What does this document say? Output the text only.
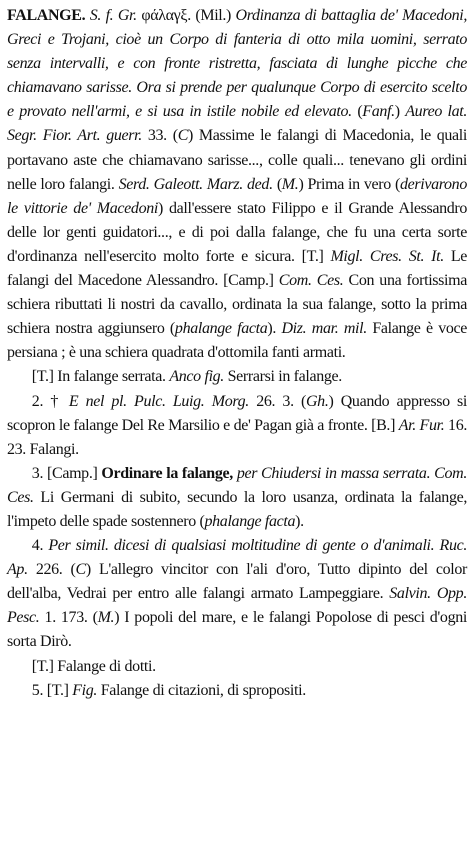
FALANGE. S. f. Gr. φάλαγξ. (Mil.) Ordinanza di battaglia de' Macedoni, Greci e Trojani, cioè un Corpo di fanteria di otto mila uomini, serrato senza intervalli, e con fronte ristretta, fasciata di lunghe picche che chiamavano sarisse. Ora si prende per qualunque Corpo di esercito scelto e provato nell'armi, e si usa in istile nobile ed elevato. (Fanf.) Aureo lat. Segr. Fior. Art. guerr. 33. (C) Massime le falangi di Macedonia, le quali portavano aste che chiamavano sarisse..., colle quali... tenevano gli ordini nelle loro falangi. Serd. Galeott. Marz. ded. (M.) Prima in vero (derivarono le vittorie de' Macedoni) dall'essere stato Filippo e il Grande Alessandro delle lor genti guidatori..., e di poi dalla falange, che fu una certa sorte d'ordinanza nell'esercito molto forte e sicura. [T.] Migl. Cres. St. It. Le falangi del Macedone Alessandro. [Camp.] Com. Ces. Con una fortissima schiera ributtati li nostri da cavallo, ordinata la sua falange, sotto la prima schiera nostra aggiunsero (phalange facta). Diz. mar. mil. Falange è voce persiana ; è una schiera quadrata d'ottomila fanti armati.

[T.] In falange serrata. Anco fig. Serrarsi in falange.

2. † E nel pl. Pulc. Luig. Morg. 26. 3. (Gh.) Quando appresso si scopron le falange Del Re Marsilio e de' Pagan già a fronte. [B.] Ar. Fur. 16. 23. Falangi.

3. [Camp.] Ordinare la falange, per Chiudersi in massa serrata. Com. Ces. Li Germani di subito, secundo la loro usanza, ordinata la falange, l'impeto delle spade sostennero (phalange facta).

4. Per simil. dicesi di qualsiasi moltitudine di gente o d'animali. Ruc. Ap. 226. (C) L'allegro vincitor con l'ali d'oro, Tutto dipinto del color dell'alba, Vedrai per entro alle falangi armato Lampeggiare. Salvin. Opp. Pesc. 1. 173. (M.) I popoli del mare, e le falangi Popolose di pesci d'ogni sorta Dirò.

[T.] Falange di dotti.

5. [T.] Fig. Falange di citazioni, di spropositi.
